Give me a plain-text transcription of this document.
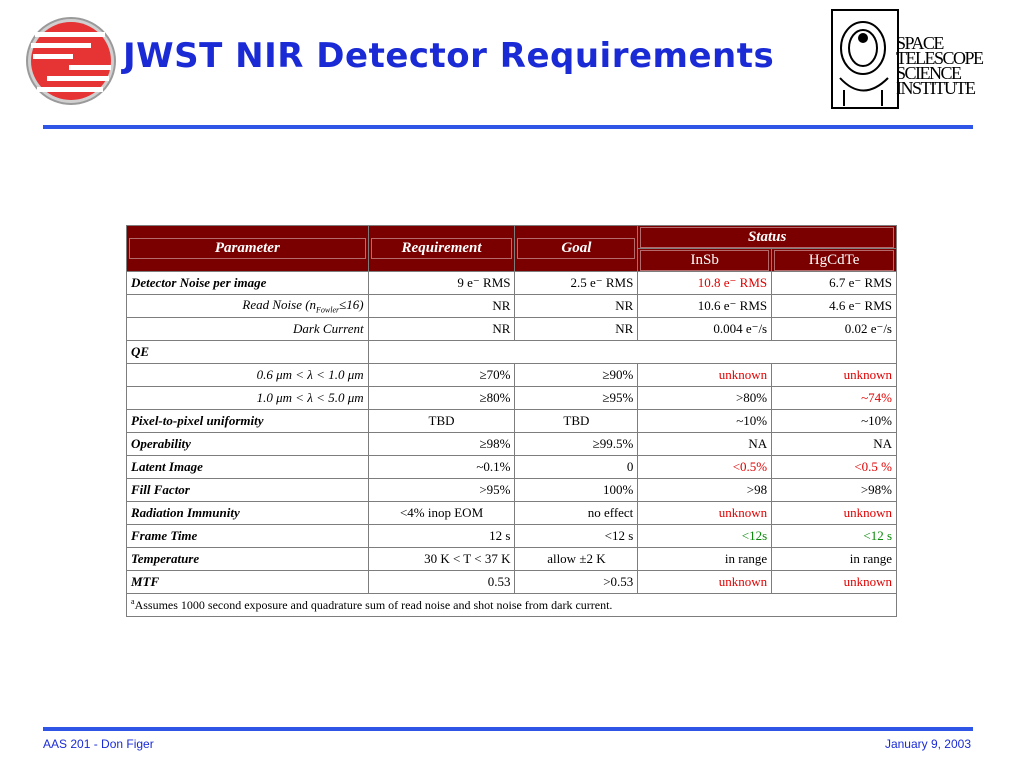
JWST NIR Detector Requirements	SPACE
TELESCOPE
SCIENCE
INSTITUTE
Parameter	Requirement	Goal	Status	

			InSb	HgCdTe

Detector Noise per image	9 e⁻ RMS	2.5 e⁻ RMS	10.8 e⁻ RMS	6.7 e⁻ RMS
Read Noise $(n_{Fowler}\le 16)$	NR	NR	10.6 e⁻ RMS	4.6 e⁻ RMS
Dark Current	NR	NR	0.004 e⁻/s	0.02 e⁻/s
QE				
0.6 μm < λ < 1.0 μm	≥70%	≥90%	unknown	unknown
1.0 μm < λ < 5.0 μm	≥80%	≥95%	>80%	~74%
Pixel-to-pixel uniformity	TBD	TBD	~10%	~10%
Operability	≥98%	≥99.5%	NA	NA
Latent Image	~0.1%	0	<0.5%	<0.5 %
Fill Factor	>95%	100%	>98	>98%
Radiation Immunity	<4% inop EOM	no effect	unknown	unknown
Frame Time	12 s	<12 s	<12s	<12 s
Temperature	30 K < T < 37 K	allow ±2 K	in range	in range
MTF	0.53	>0.53	unknown	unknown
$^a$Assumes 1000 second exposure and quadrature sum of read noise and shot noise from dark current.				
AAS 201 - Don Figer	January 9, 2003
